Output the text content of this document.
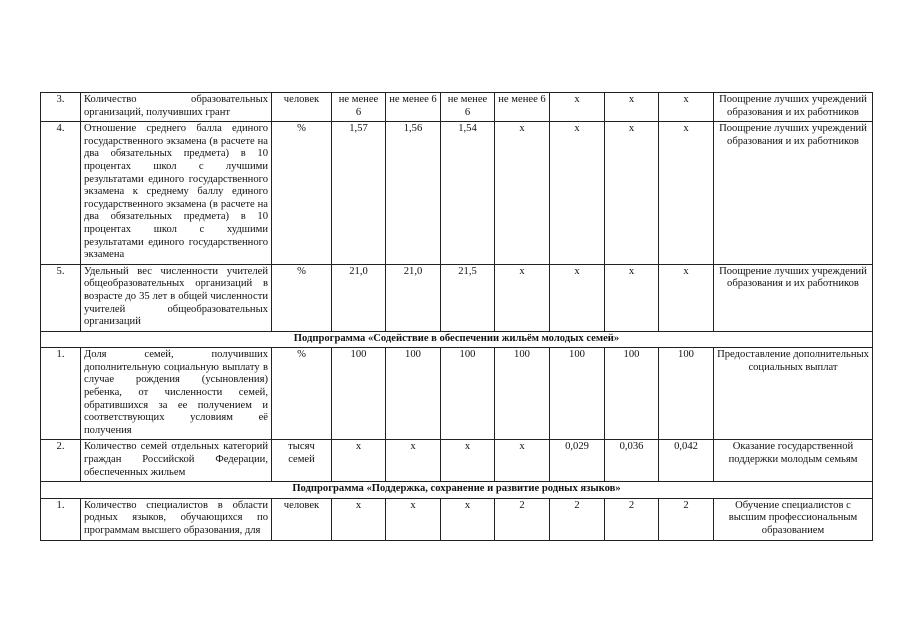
3.	Количество образовательных организаций, получивших грант	человек	не менее 6	не менее 6	не менее 6	не менее 6	х	х	х	Поощрение лучших учреждений образования и их работников
4.	Отношение среднего балла единого государственного экзамена (в расчете на два обязательных предмета) в 10 процентах школ с лучшими результатами единого государственного экзамена к среднему баллу единого государственного экзамена (в расчете на два обязательных предмета) в 10 процентах школ с худшими результатами единого государственного экзамена	%	1,57	1,56	1,54	х	х	х	х	Поощрение лучших учреждений образования и их работников
5.	Удельный вес численности учителей общеобразовательных организаций в возрасте до 35 лет в общей численности учителей общеобразовательных организаций	%	21,0	21,0	21,5	х	х	х	х	Поощрение лучших учреждений образования и их работников
Подпрограмма «Содействие в обеспечении жильём молодых семей»										
1.	Доля семей, получивших дополнительную социальную выплату в случае рождения (усыновления) ребенка, от численности семей, обратившихся за ее получением и соответствующих условиям её получения	%	100	100	100	100	100	100	100	Предоставление дополнительных социальных выплат
2.	Количество семей отдельных категорий граждан Российской Федерации, обеспеченных жильем	тысяч семей	х	х	х	х	0,029	0,036	0,042	Оказание государственной поддержки молодым семьям
Подпрограмма «Поддержка, сохранение и развитие родных языков»										
1.	Количество специалистов в области родных языков, обучающихся по программам высшего образования, для	человек	х	х	х	2	2	2	2	Обучение специалистов с высшим профессиональным образованием
